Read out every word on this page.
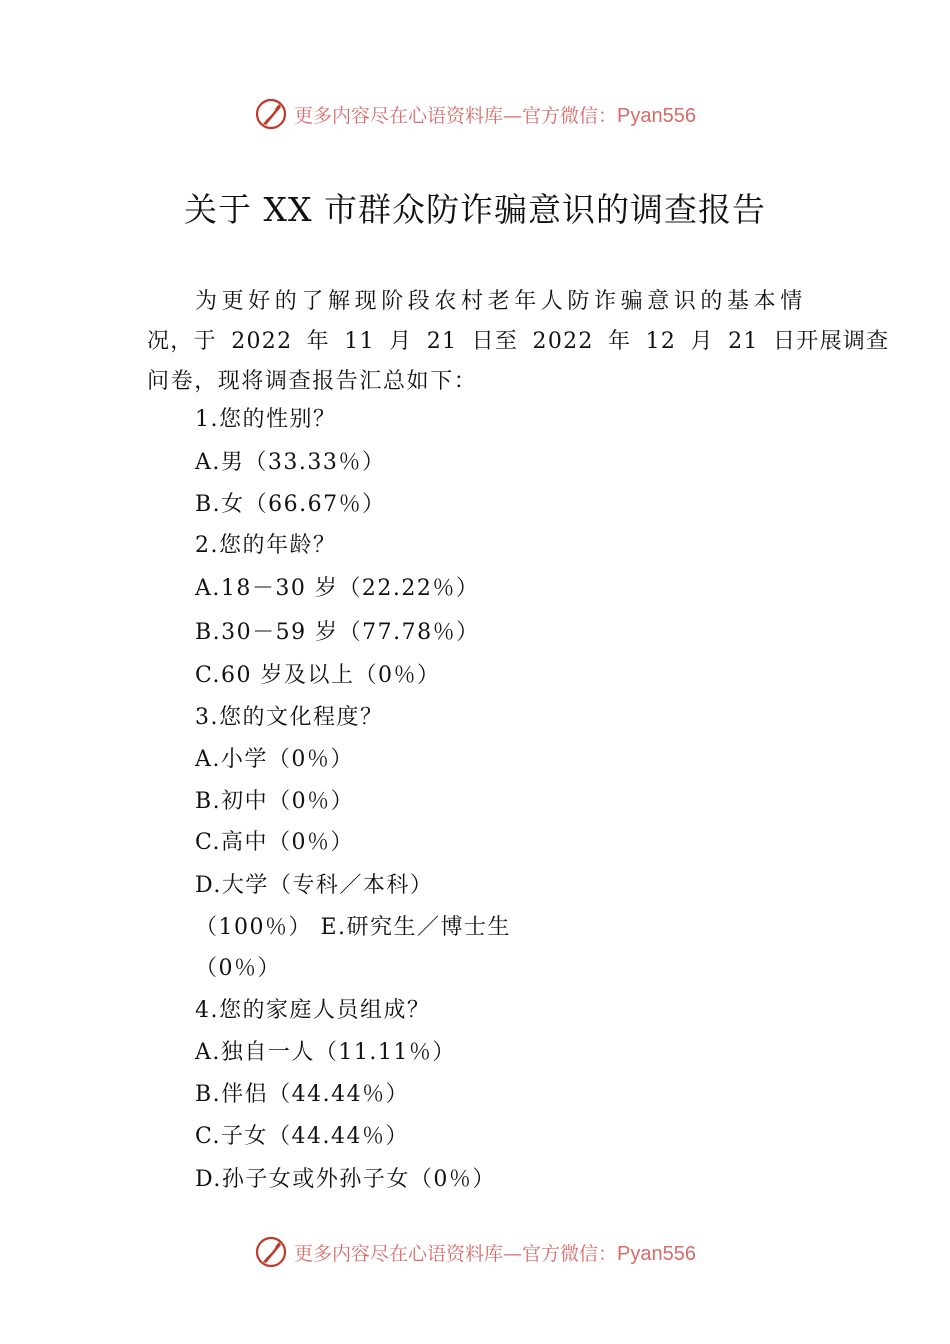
更多内容尽在心语资料库—官方微信：Pyan556
关于 XX 市群众防诈骗意识的调查报告
为更好的了解现阶段农村老年人防诈骗意识的基本情
况，于 2022 年 11 月 21 日至 2022 年 12 月 21 日开展调查
问卷，现将调查报告汇总如下：
1.您的性别？
A.男（33.33％）
B.女（66.67％）
2.您的年龄？
A.18－30 岁（22.22％）
B.30－59 岁（77.78％）
C.60 岁及以上（0％）
3.您的文化程度？
A.小学（0％）
B.初中（0％）
C.高中（0％）
D.大学（专科／本科）
（100％） E.研究生／博士生
（0％）
4.您的家庭人员组成？
A.独自一人（11.11％）
B.伴侣（44.44％）
C.子女（44.44％）
D.孙子女或外孙子女（0％）
更多内容尽在心语资料库—官方微信：Pyan556
